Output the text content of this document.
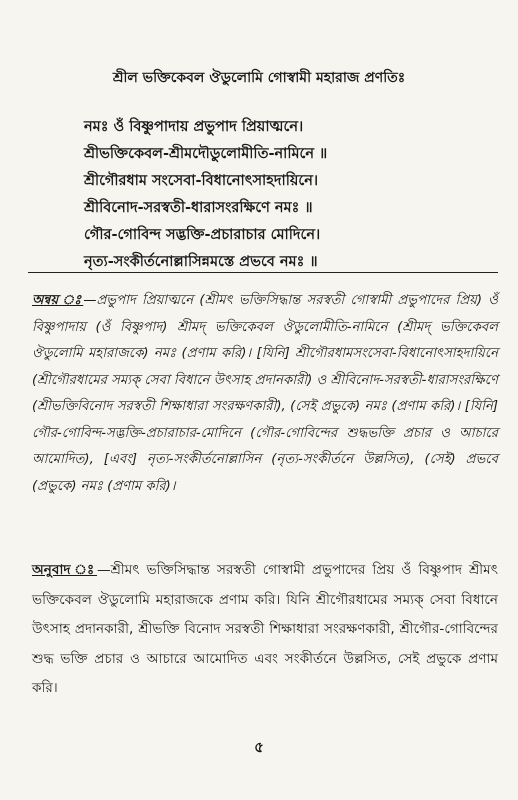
শ্রীল ভক্তিকেবল ঔডুলোমি গোস্বামী মহারাজ প্রণতিঃ
নমঃ ওঁ বিষ্ণুপাদায় প্রভুপাদ প্রিয়াত্মনে।
শ্রীভক্তিকেবল-শ্রীমদৌডুলোমীতি-নামিনে ॥
শ্রীগৌরধাম সংসেবা-বিধানোৎসাহদায়িনে।
শ্রীবিনোদ-সরস্বতী-ধারাসংরক্ষিণে নমঃ ॥
গৌর-গোবিন্দ সদ্ভক্তি-প্রচারাচার মোদিনে।
নৃত্য-সংকীর্তনোল্লাসিন্নমস্তে প্রভবে নমঃ ॥
অন্বয় ঃ—প্রভুপাদ প্রিয়াত্মনে (শ্রীমৎ ভক্তিসিদ্ধান্ত সরস্বতী গোস্বামী প্রভুপাদের প্রিয়) ওঁ বিষ্ণুপাদায় (ওঁ বিষ্ণুপাদ) শ্রীমদ্ ভক্তিকেবল ঔডুলোমীতি-নামিনে (শ্রীমদ্ ভক্তিকেবল ঔডুলোমি মহারাজকে) নমঃ (প্রণাম করি)। [যিনি] শ্রীগৌরধামসংসেবা-বিধানোৎসাহদায়িনে (শ্রীগৌরধামের সম্যক্ সেবা বিধানে উৎসাহ প্রদানকারী) ও শ্রীবিনোদ-সরস্বতী-ধারাসংরক্ষিণে (শ্রীভক্তিবিনোদ সরস্বতী শিক্ষাধারা সংরক্ষণকারী), (সেই প্রভুকে) নমঃ (প্রণাম করি)। [যিনি] গৌর-গোবিন্দ-সদ্ভক্তি-প্রচারাচার-মোদিনে (গৌর-গোবিন্দের শুদ্ধভক্তি প্রচার ও আচারে আমোদিত), [এবং] নৃত্য-সংকীর্তনোল্লাসিন (নৃত্য-সংকীর্তনে উল্লসিত), (সেই) প্রভবে (প্রভুকে) নমঃ (প্রণাম করি)।
অনুবাদ ঃ—শ্রীমৎ ভক্তিসিদ্ধান্ত সরস্বতী গোস্বামী প্রভুপাদের প্রিয় ওঁ বিষ্ণুপাদ শ্রীমৎ ভক্তিকেবল ঔডুলোমি মহারাজকে প্রণাম করি। যিনি শ্রীগৌরধামের সম্যক্ সেবা বিধানে উৎসাহ প্রদানকারী, শ্রীভক্তি বিনোদ সরস্বতী শিক্ষাধারা সংরক্ষণকারী, শ্রীগৌর-গোবিন্দের শুদ্ধ ভক্তি প্রচার ও আচারে আমোদিত এবং সংকীর্তনে উল্লসিত, সেই প্রভুকে প্রণাম করি।
৫
